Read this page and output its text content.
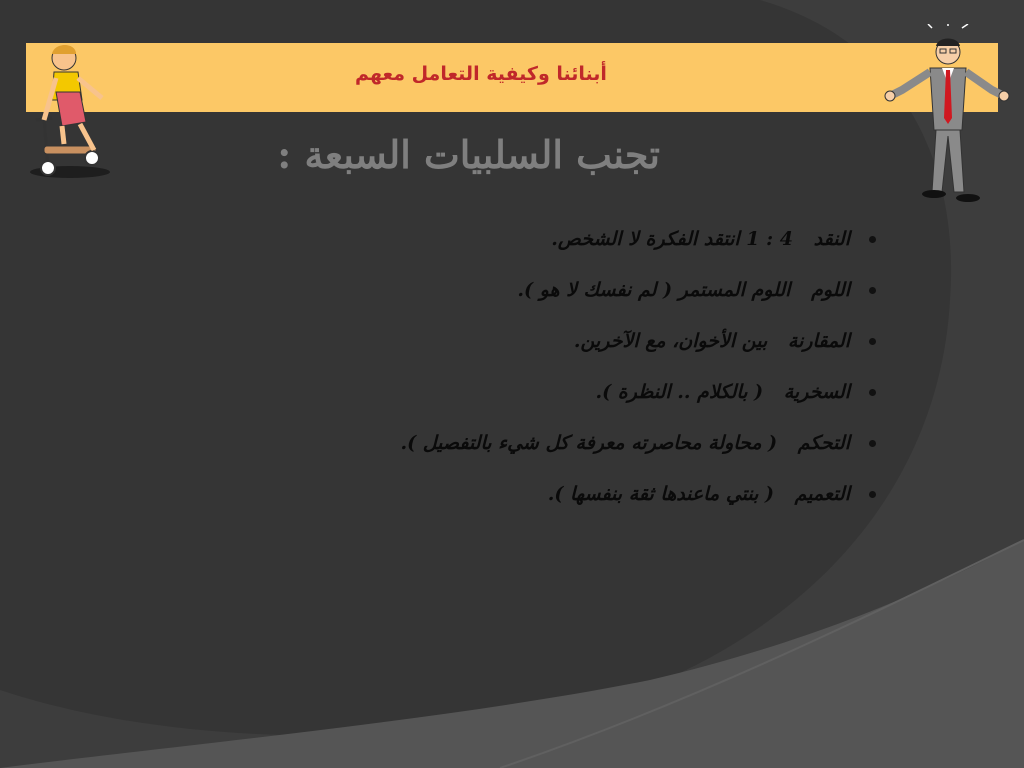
أبنائنا وكيفية التعامل معهم
تجنب السلبيات السبعة :
النقد 4 : 1 انتقد الفكرة لا الشخص.
اللوم اللوم المستمر ( لم نفسك لا هو ).
المقارنة بين الأخوان، مع الآخرين.
السخرية ( بالكلام .. النظرة ).
التحكم ( محاولة محاصرته معرفة كل شيء بالتفصيل ).
التعميم ( بنتي ماعندها ثقة بنفسها ).
